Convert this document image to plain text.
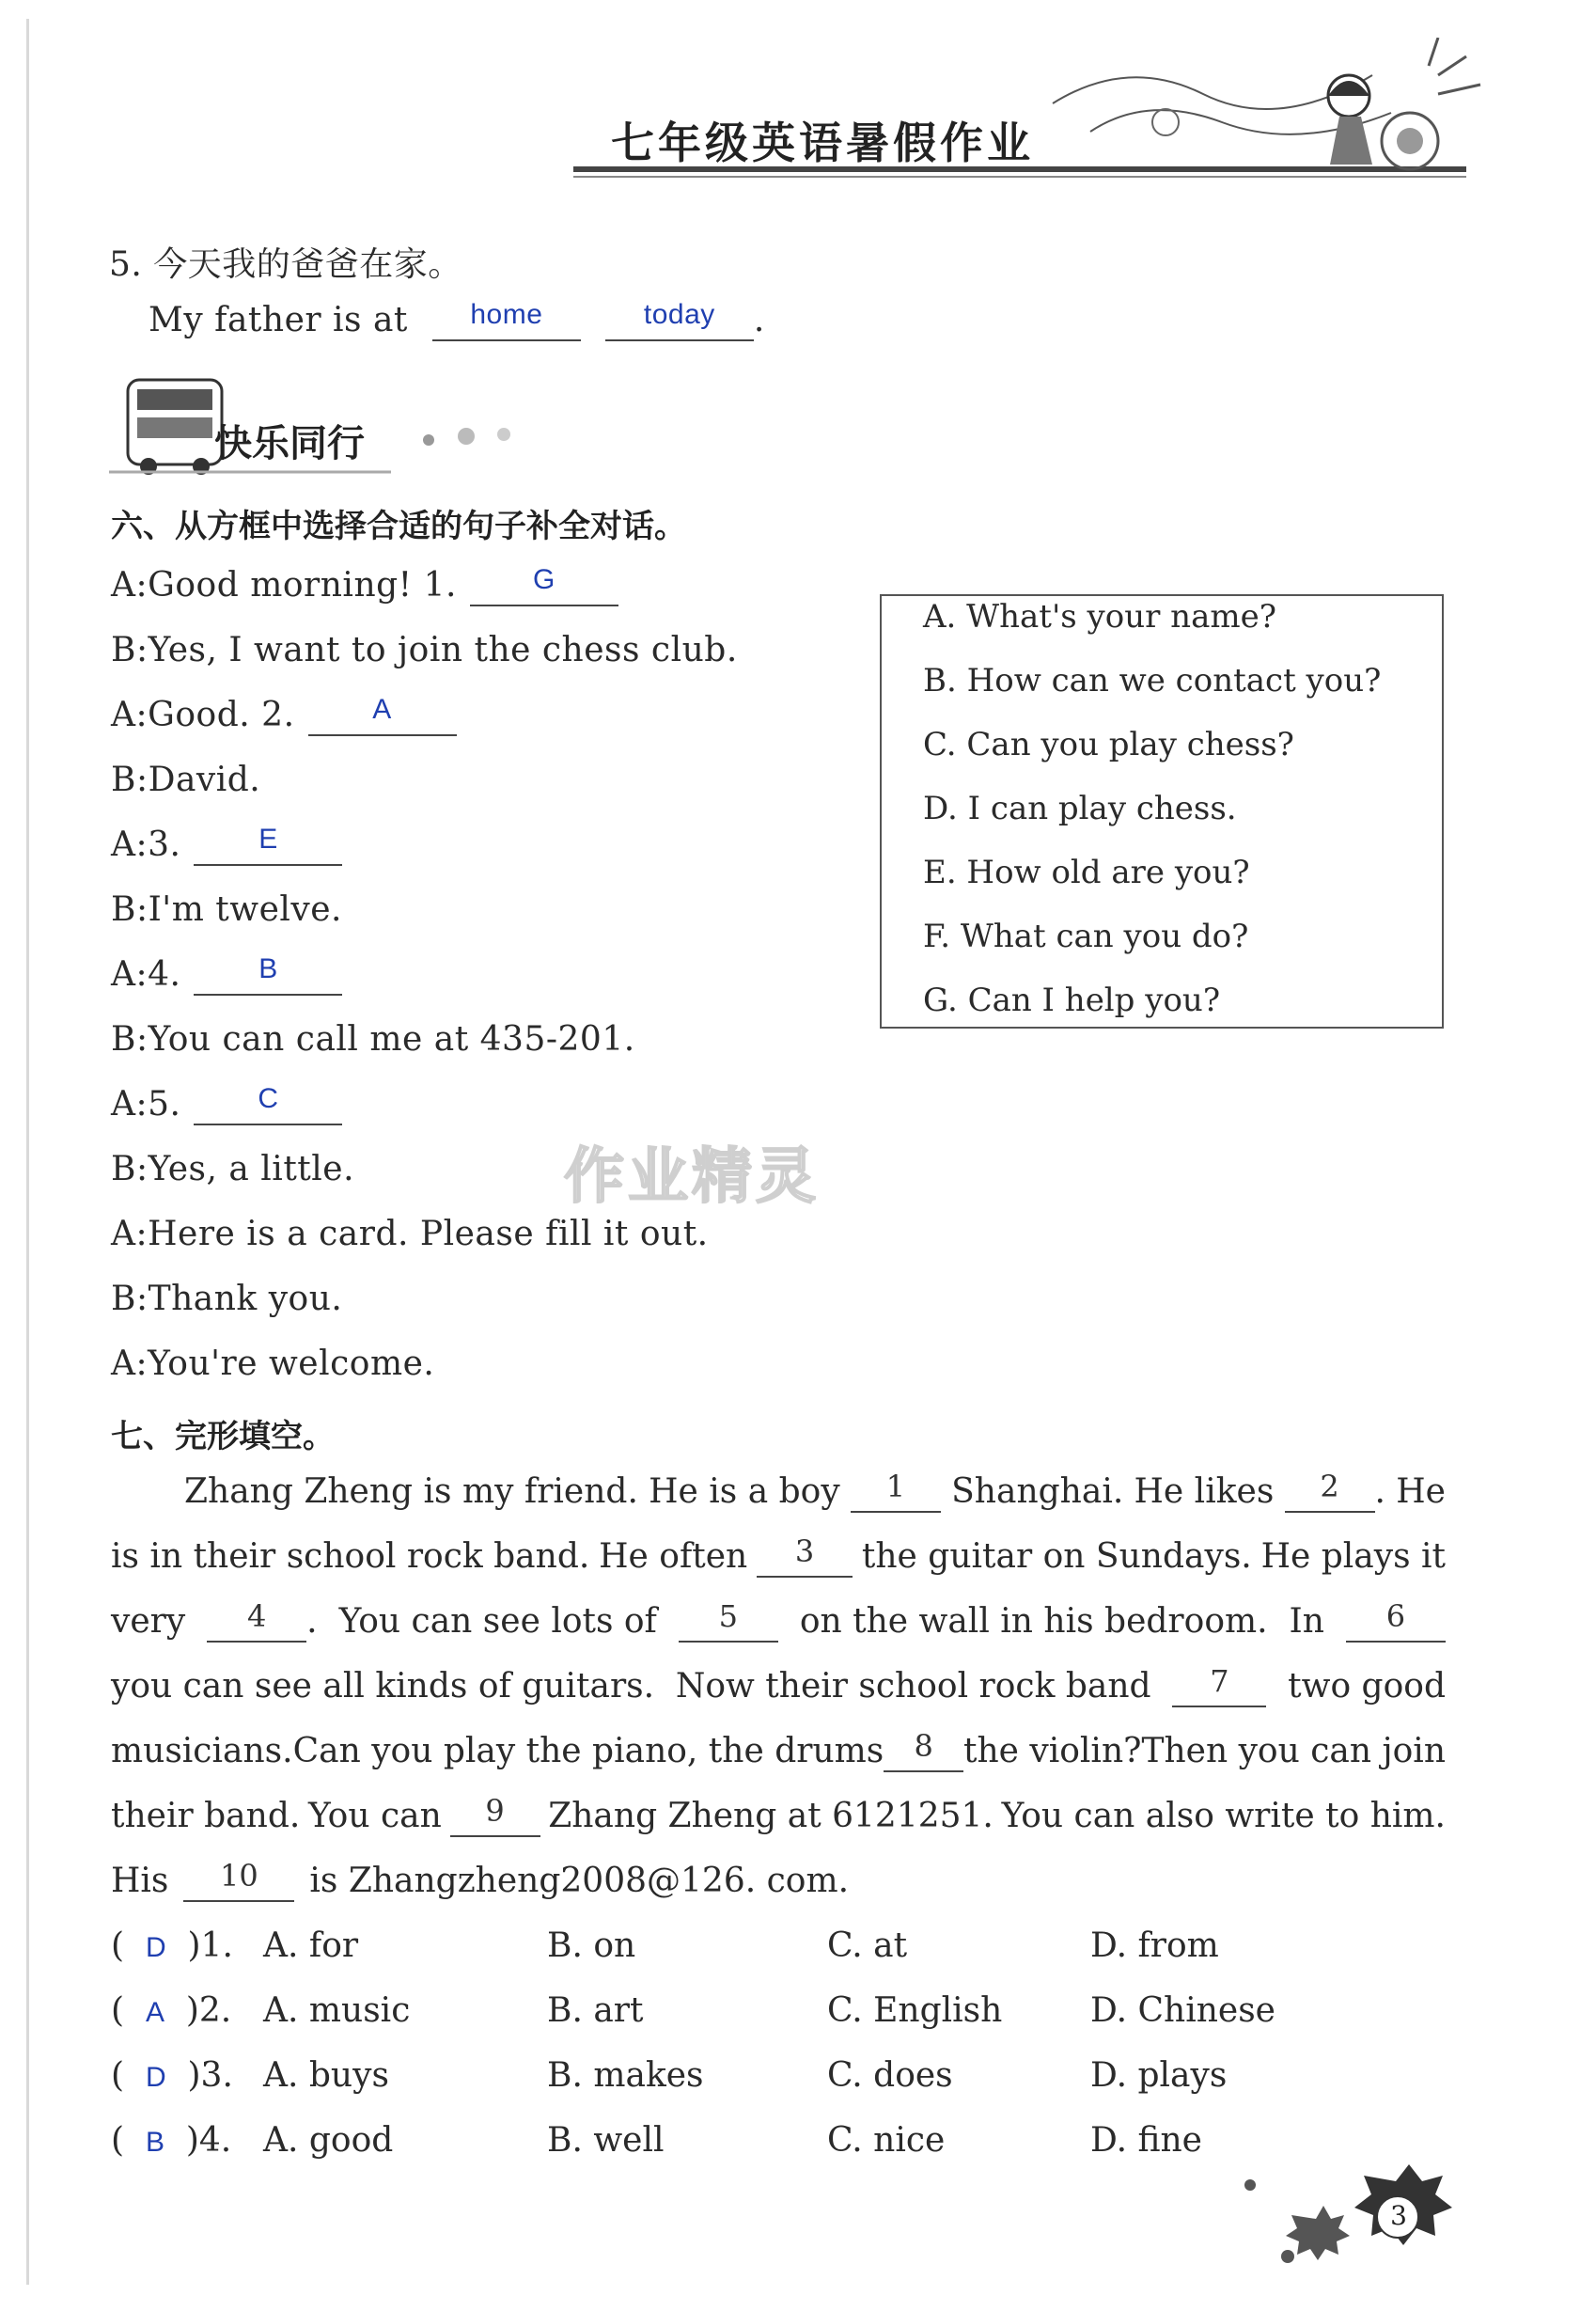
七年级英语暑假作业
5. 今天我的爸爸在家。
My father is at $^{home}$	$^{today}$ .
快乐同行
六、从方框中选择合适的句子补全对话。
A:Good morning! 1.	$^G$
B:Yes, I want to join the chess club.
A:Good. 2.	$^A$
B:David.
A:3.	$^E$
B:I'm twelve.
A:4.	$^B$
B:You can call me at 435-201.
A:5.	$^C$
B:Yes, a little.
A:Here is a card. Please fill it out.
B:Thank you.
A:You're welcome.
A. What's your name?
B. How can we contact you?
C. Can you play chess?
D. I can play chess.
E. How old are you?
F. What can you do?
G. Can I help you?
作业精灵
七、完形填空。
Zhang Zheng is my friend. He is a boy	1	Shanghai. He likes	2 . He
is in their school rock band. He often	3	the guitar on Sundays. He plays it
very	4 . You can see lots of	5	on the wall in his bedroom. In	6
you can see all kinds of guitars. Now their school rock band	7	two good
musicians. Can you play the piano, the drums	8 the violin? Then you can join
their band. You can	9	Zhang Zheng at 6121251. You can also write to him.
His	10	is Zhangzheng2008@126. com.
(  D )1. A. for	B. on	C. at	D. from
(  A )2. A. music	B. art	C. English	D. Chinese
(  D )3. A. buys	B. makes	C. does	D. plays
(  B )4. A. good	B. well	C. nice	D. fine
3
